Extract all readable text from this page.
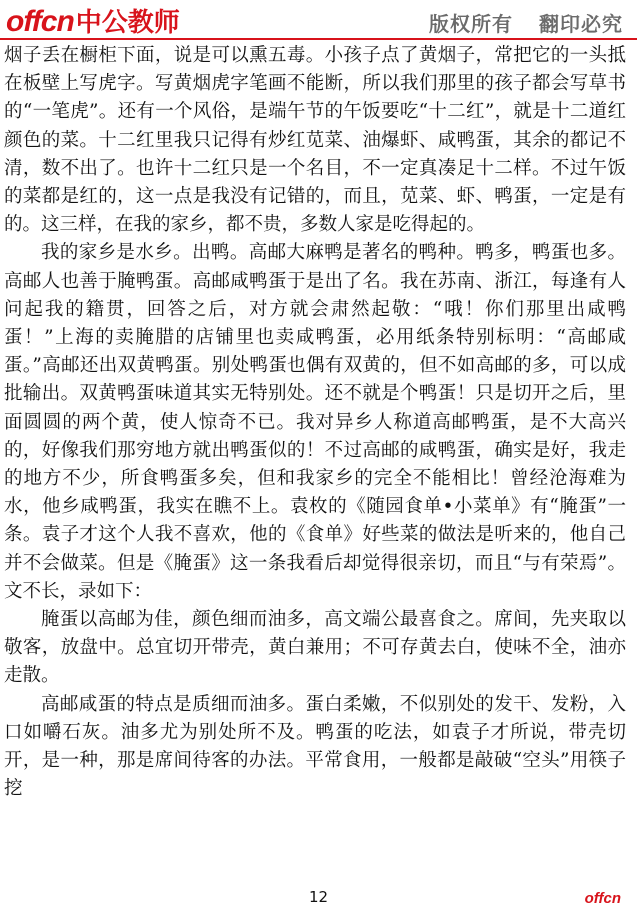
offcn 中公教师	版权所有 翻印必究

烟子丢在橱柜下面，说是可以熏五毒。小孩子点了黄烟子，常把它的一头抵在板壁上写虎字。写黄烟虎字笔画不能断，所以我们那里的孩子都会写草书的“一笔虎”。还有一个风俗，是端午节的午饭要吃“十二红”，就是十二道红颜色的菜。十二红里我只记得有炒红苋菜、油爆虾、咸鸭蛋，其余的都记不清，数不出了。也许十二红只是一个名目，不一定真凑足十二样。不过午饭的菜都是红的，这一点是我没有记错的，而且，苋菜、虾、鸭蛋，一定是有的。这三样，在我的家乡，都不贵，多数人家是吃得起的。

我的家乡是水乡。出鸭。高邮大麻鸭是著名的鸭种。鸭多，鸭蛋也多。高邮人也善于腌鸭蛋。高邮咸鸭蛋于是出了名。我在苏南、浙江，每逢有人问起我的籍贯，回答之后，对方就会肃然起敬：“哦！你们那里出咸鸭蛋！”上海的卖腌腊的店铺里也卖咸鸭蛋，必用纸条特别标明：“高邮咸蛋。”高邮还出双黄鸭蛋。别处鸭蛋也偶有双黄的，但不如高邮的多，可以成批输出。双黄鸭蛋味道其实无特别处。还不就是个鸭蛋！只是切开之后，里面圆圆的两个黄，使人惊奇不已。我对异乡人称道高邮鸭蛋，是不大高兴的，好像我们那穷地方就出鸭蛋似的！不过高邮的咸鸭蛋，确实是好，我走的地方不少，所食鸭蛋多矣，但和我家乡的完全不能相比！曾经沧海难为水，他乡咸鸭蛋，我实在瞧不上。袁枚的《随园食单•小菜单》有“腌蛋”一条。袁子才这个人我不喜欢，他的《食单》好些菜的做法是听来的，他自己并不会做菜。但是《腌蛋》这一条我看后却觉得很亲切，而且“与有荣焉”。文不长，录如下：

腌蛋以高邮为佳，颜色细而油多，高文端公最喜食之。席间，先夹取以敬客，放盘中。总宜切开带壳，黄白兼用；不可存黄去白，使味不全，油亦走散。

高邮咸蛋的特点是质细而油多。蛋白柔嫩，不似别处的发干、发粉，入口如嚼石灰。油多尤为别处所不及。鸭蛋的吃法，如袁子才所说，带壳切开，是一种，那是席间待客的办法。平常食用，一般都是敲破“空头”用筷子挖

12	offcn
